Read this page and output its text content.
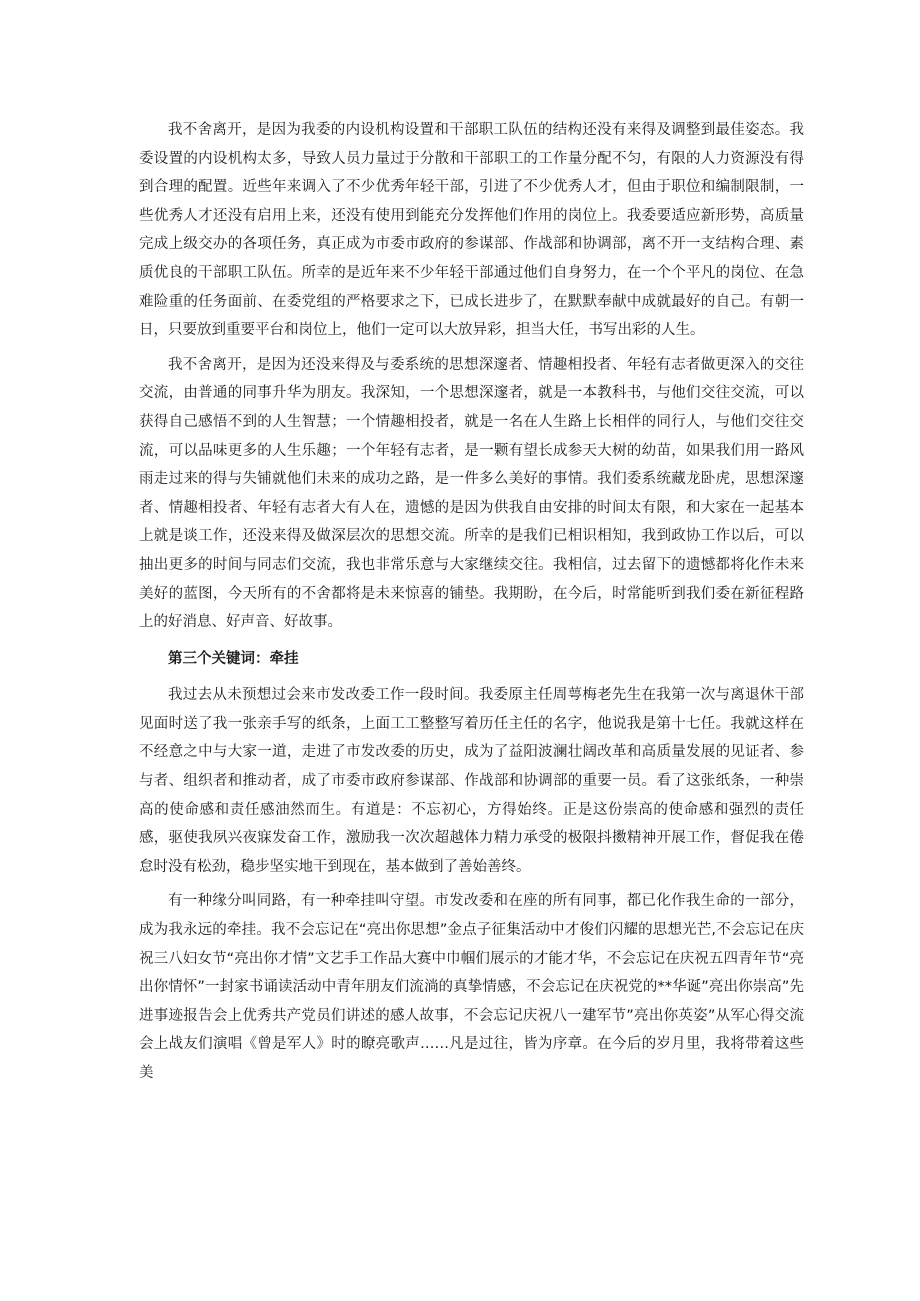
我不舍离开，是因为我委的内设机构设置和干部职工队伍的结构还没有来得及调整到最佳姿态。我委设置的内设机构太多，导致人员力量过于分散和干部职工的工作量分配不匀，有限的人力资源没有得到合理的配置。近些年来调入了不少优秀年轻干部，引进了不少优秀人才，但由于职位和编制限制，一些优秀人才还没有启用上来，还没有使用到能充分发挥他们作用的岗位上。我委要适应新形势，高质量完成上级交办的各项任务，真正成为市委市政府的参谋部、作战部和协调部，离不开一支结构合理、素质优良的干部职工队伍。所幸的是近年来不少年轻干部通过他们自身努力，在一个个平凡的岗位、在急难险重的任务面前、在委党组的严格要求之下，已成长进步了，在默默奉献中成就最好的自己。有朝一日，只要放到重要平台和岗位上，他们一定可以大放异彩，担当大任，书写出彩的人生。

我不舍离开，是因为还没来得及与委系统的思想深邃者、情趣相投者、年轻有志者做更深入的交往交流，由普通的同事升华为朋友。我深知，一个思想深邃者，就是一本教科书，与他们交往交流，可以获得自己感悟不到的人生智慧；一个情趣相投者，就是一名在人生路上长相伴的同行人，与他们交往交流，可以品味更多的人生乐趣；一个年轻有志者，是一颗有望长成参天大树的幼苗，如果我们用一路风雨走过来的得与失铺就他们未来的成功之路，是一件多么美好的事情。我们委系统藏龙卧虎，思想深邃者、情趣相投者、年轻有志者大有人在，遗憾的是因为供我自由安排的时间太有限，和大家在一起基本上就是谈工作，还没来得及做深层次的思想交流。所幸的是我们已相识相知，我到政协工作以后，可以抽出更多的时间与同志们交流，我也非常乐意与大家继续交往。我相信，过去留下的遗憾都将化作未来美好的蓝图，今天所有的不舍都将是未来惊喜的铺垫。我期盼，在今后，时常能听到我们委在新征程路上的好消息、好声音、好故事。

第三个关键词：牵挂

我过去从未预想过会来市发改委工作一段时间。我委原主任周萼梅老先生在我第一次与离退休干部见面时送了我一张亲手写的纸条，上面工工整整写着历任主任的名字，他说我是第十七任。我就这样在不经意之中与大家一道，走进了市发改委的历史，成为了益阳波澜壮阔改革和高质量发展的见证者、参与者、组织者和推动者，成了市委市政府参谋部、作战部和协调部的重要一员。看了这张纸条，一种崇高的使命感和责任感油然而生。有道是：不忘初心，方得始终。正是这份崇高的使命感和强烈的责任感，驱使我夙兴夜寐发奋工作，激励我一次次超越体力精力承受的极限抖擞精神开展工作，督促我在倦怠时没有松劲，稳步坚实地干到现在，基本做到了善始善终。

有一种缘分叫同路，有一种牵挂叫守望。市发改委和在座的所有同事，都已化作我生命的一部分，成为我永远的牵挂。我不会忘记在“亮出你思想”金点子征集活动中才俊们闪耀的思想光芒,不会忘记在庆祝三八妇女节“亮出你才情”文艺手工作品大赛中巾帼们展示的才能才华，不会忘记在庆祝五四青年节“亮出你情怀”一封家书诵读活动中青年朋友们流淌的真挚情感，不会忘记在庆祝党的**华诞”亮出你崇高”先进事迹报告会上优秀共产党员们讲述的感人故事，不会忘记庆祝八一建军节”亮出你英姿”从军心得交流会上战友们演唱《曾是军人》时的瞭亮歌声……凡是过往，皆为序章。在今后的岁月里，我将带着这些美
